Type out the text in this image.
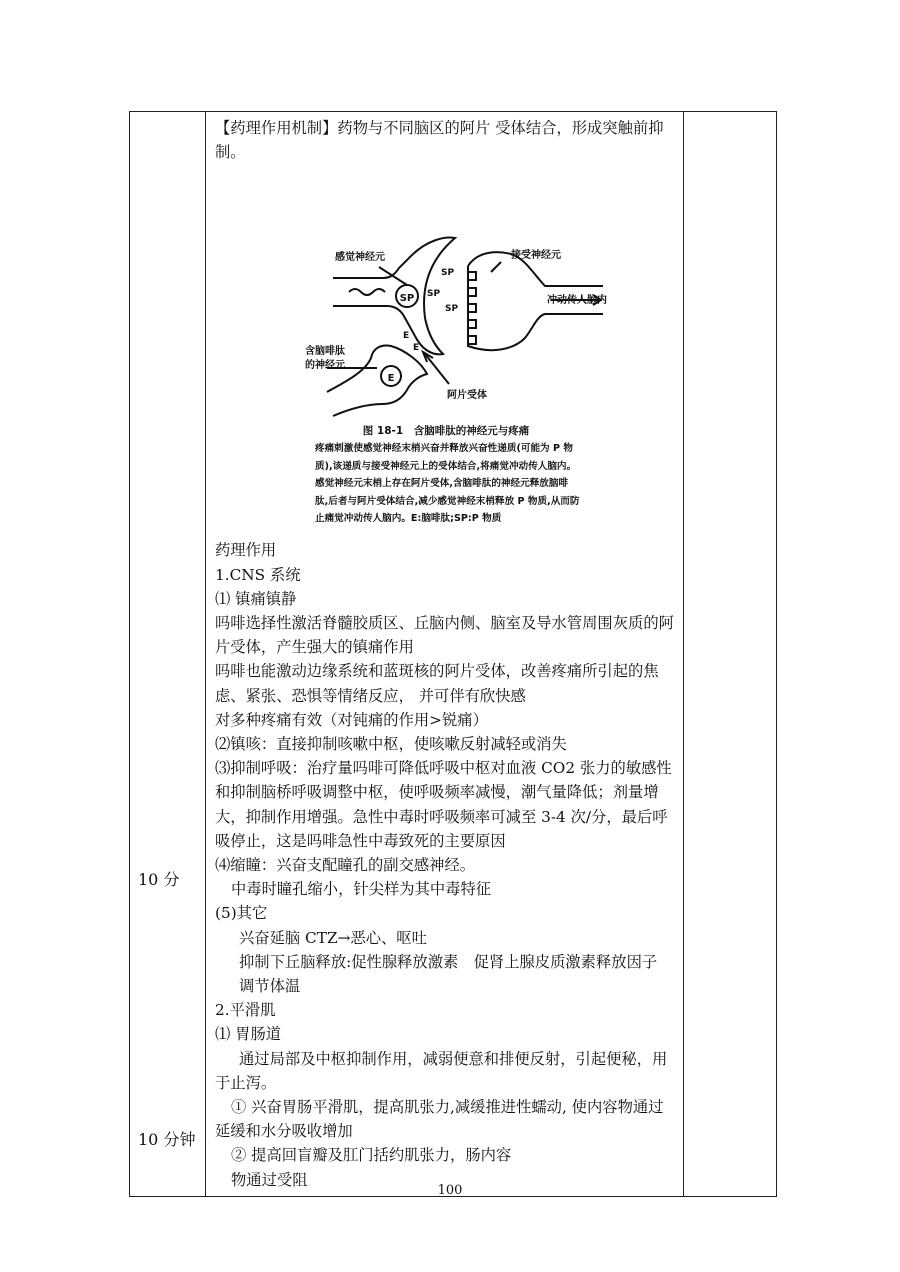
10 分
10 分钟

【药理作用机制】药物与不同脑区的阿片 受体结合，形成突触前抑制。

SP
E
SP
SP
SP
E
E
感觉神经元	接受神经元
冲动传人脑内
含脑啡肽
的神经元
阿片受体
图 18-1　含脑啡肽的神经元与疼痛
疼痛刺激使感觉神经末梢兴奋并释放兴奋性递质(可能为 P 物
质),该递质与接受神经元上的受体结合,将痛觉冲动传人脑内。
感觉神经元末梢上存在阿片受体,含脑啡肽的神经元释放脑啡
肽,后者与阿片受体结合,减少感觉神经末梢释放 P 物质,从而防
止痛觉冲动传人脑内。E:脑啡肽;SP:P 物质

药理作用

1.CNS 系统

⑴ 镇痛镇静

吗啡选择性激活脊髓胶质区、丘脑内侧、脑室及导水管周围灰质的阿片受体，产生强大的镇痛作用

吗啡也能激动边缘系统和蓝斑核的阿片受体，改善疼痛所引起的焦虑、紧张、恐惧等情绪反应， 并可伴有欣快感

对多种疼痛有效（对钝痛的作用>锐痛）

⑵镇咳：直接抑制咳嗽中枢，使咳嗽反射减轻或消失

⑶抑制呼吸：治疗量吗啡可降低呼吸中枢对血液 CO2 张力的敏感性和抑制脑桥呼吸调整中枢，使呼吸频率减慢，潮气量降低；剂量增大，抑制作用增强。急性中毒时呼吸频率可减至 3-4 次/分，最后呼吸停止，这是吗啡急性中毒致死的主要原因

⑷缩瞳：兴奋支配瞳孔的副交感神经。

中毒时瞳孔缩小，针尖样为其中毒特征

(5)其它

兴奋延脑 CTZ→恶心、呕吐

抑制下丘脑释放:促性腺释放激素　促肾上腺皮质激素释放因子

调节体温

2.平滑肌

⑴ 胃肠道

通过局部及中枢抑制作用，减弱便意和排便反射，引起便秘，用于止泻。

① 兴奋胃肠平滑肌，提高肌张力,减缓推进性蠕动, 使内容物通过延缓和水分吸收增加

② 提高回盲瓣及肛门括约肌张力，肠内容

物通过受阻

100
